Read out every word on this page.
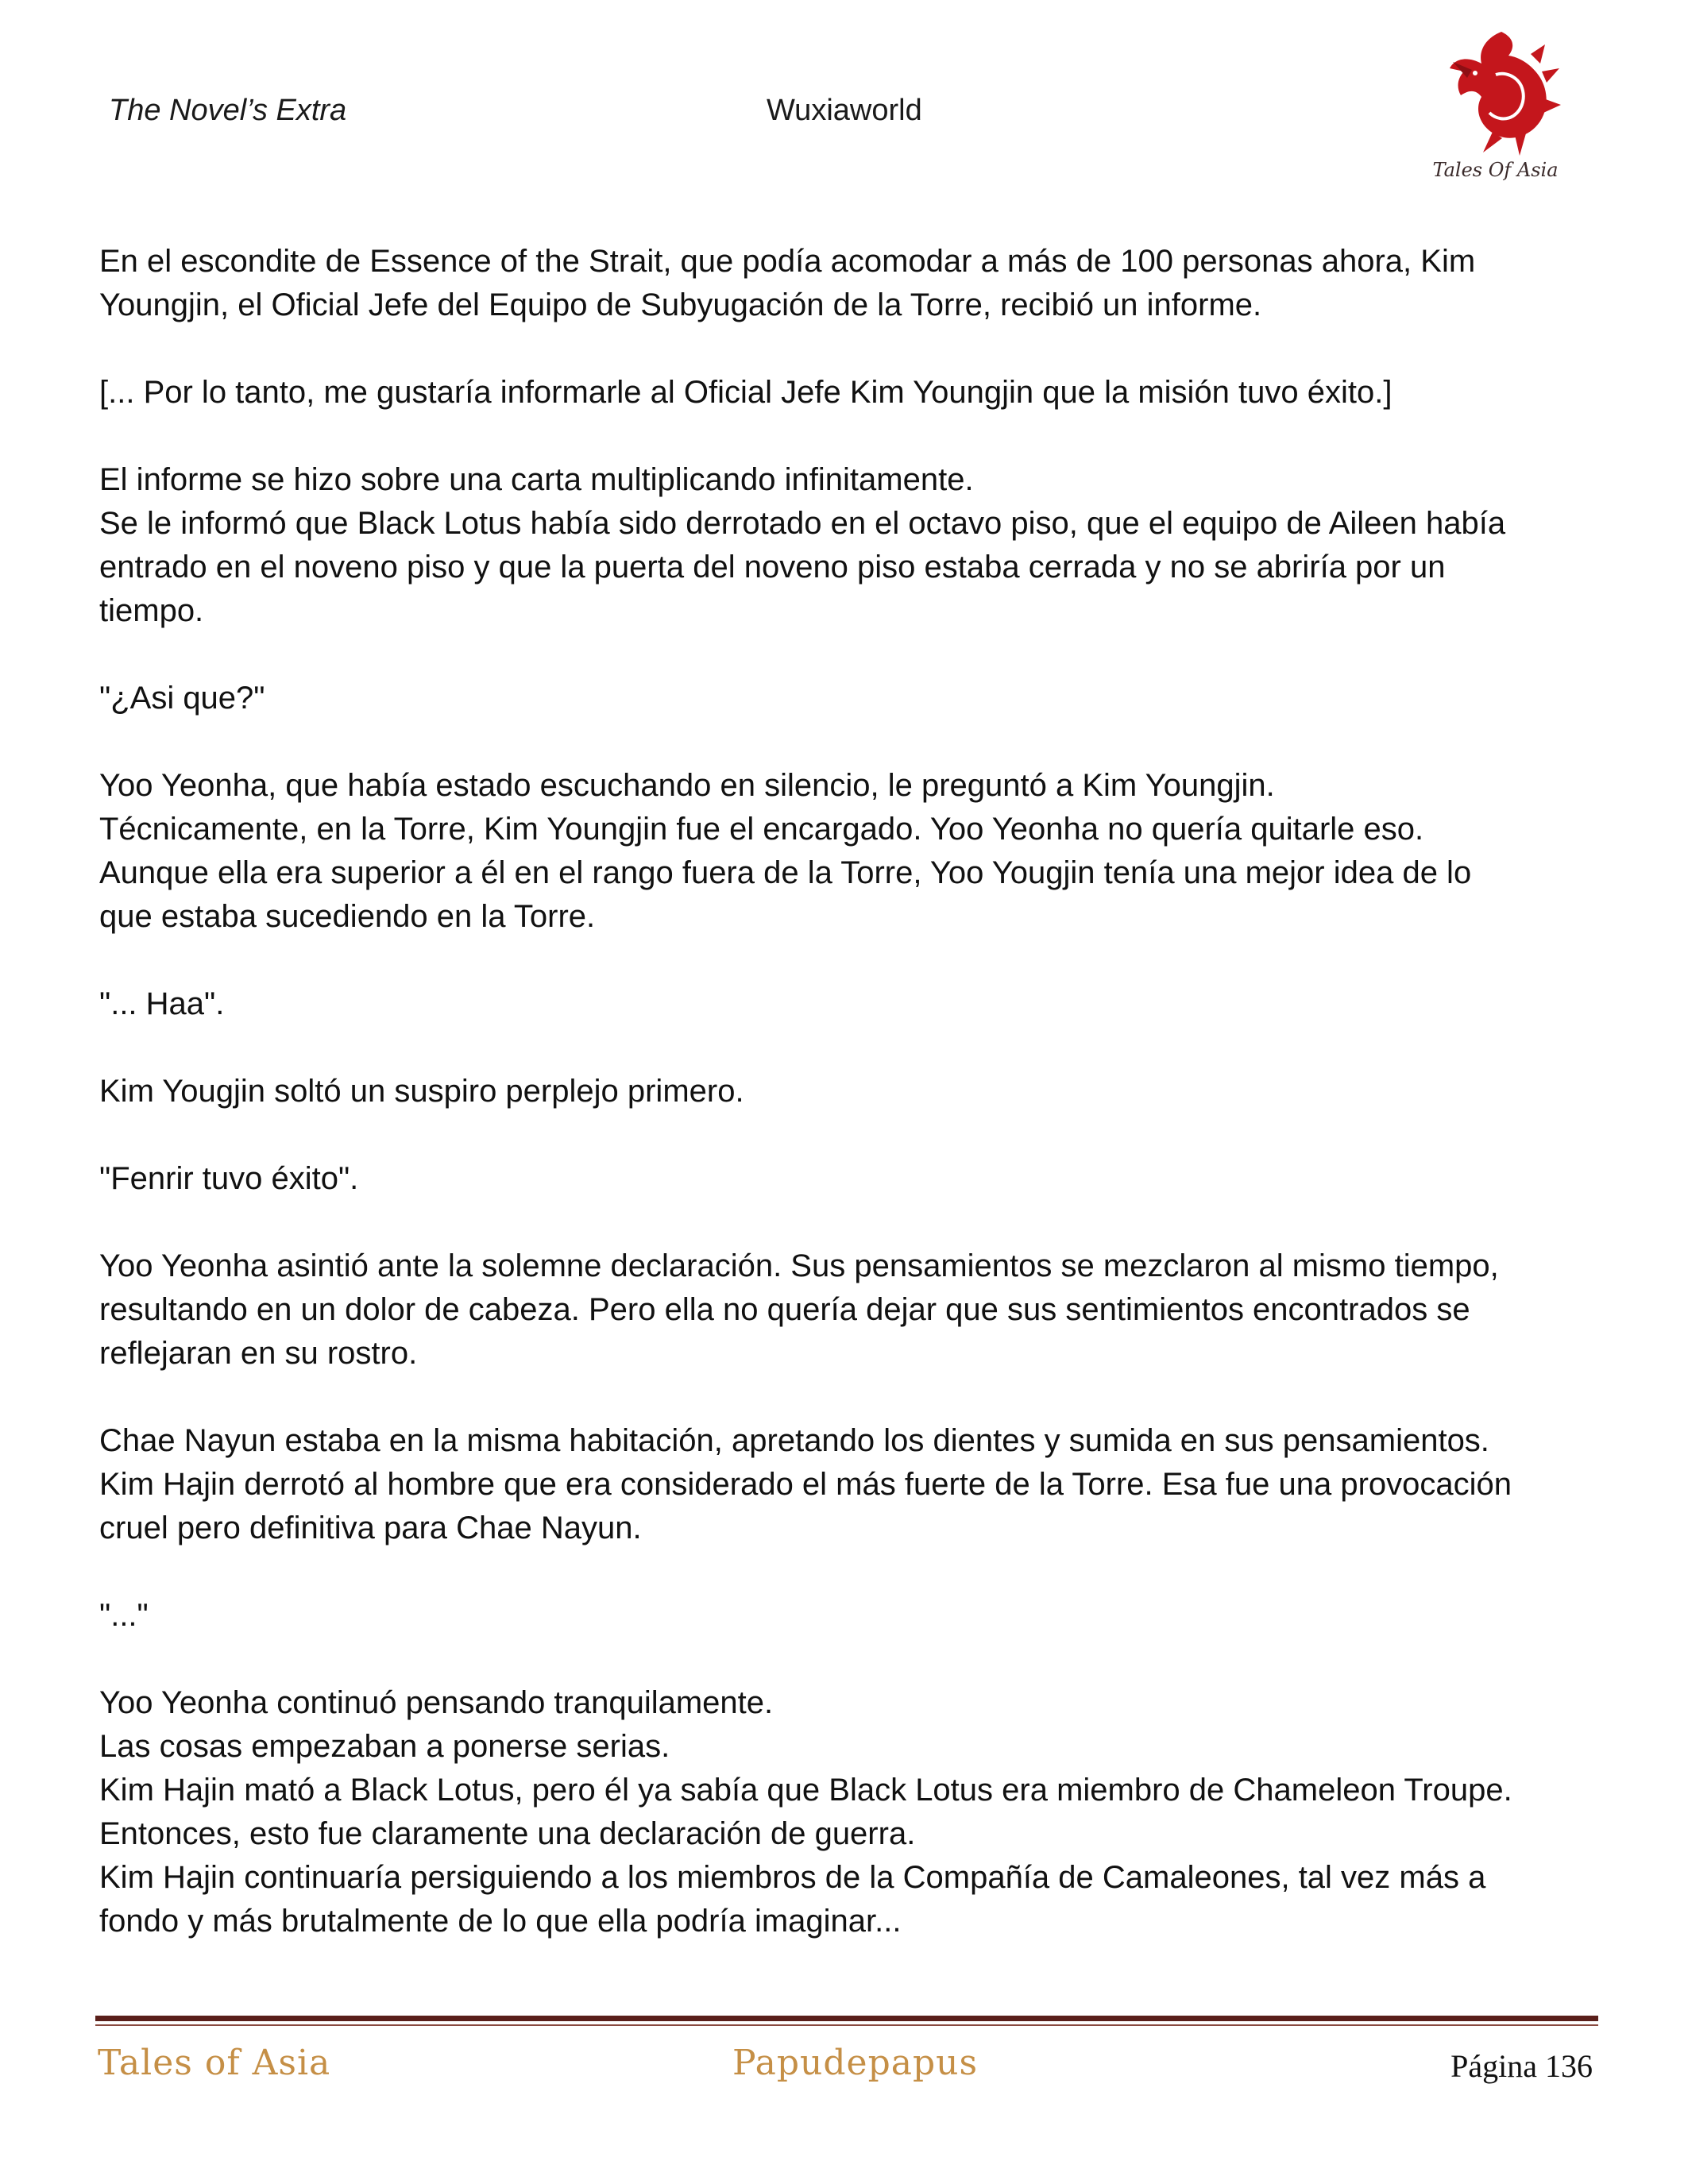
The Novel’s Extra	Wuxiaworld
Tales Of Asia
En el escondite de Essence of the Strait, que podía acomodar a más de 100 personas ahora, Kim
Youngjin, el Oficial Jefe del Equipo de Subyugación de la Torre, recibió un informe.
[... Por lo tanto, me gustaría informarle al Oficial Jefe Kim Youngjin que la misión tuvo éxito.]
El informe se hizo sobre una carta multiplicando infinitamente.
Se le informó que Black Lotus había sido derrotado en el octavo piso, que el equipo de Aileen había
entrado en el noveno piso y que la puerta del noveno piso estaba cerrada y no se abriría por un
tiempo.
"¿Asi que?"
Yoo Yeonha, que había estado escuchando en silencio, le preguntó a Kim Youngjin.
Técnicamente, en la Torre, Kim Youngjin fue el encargado. Yoo Yeonha no quería quitarle eso.
Aunque ella era superior a él en el rango fuera de la Torre, Yoo Yougjin tenía una mejor idea de lo
que estaba sucediendo en la Torre.
"... Haa".
Kim Yougjin soltó un suspiro perplejo primero.
"Fenrir tuvo éxito".
Yoo Yeonha asintió ante la solemne declaración. Sus pensamientos se mezclaron al mismo tiempo,
resultando en un dolor de cabeza. Pero ella no quería dejar que sus sentimientos encontrados se
reflejaran en su rostro.
Chae Nayun estaba en la misma habitación, apretando los dientes y sumida en sus pensamientos.
Kim Hajin derrotó al hombre que era considerado el más fuerte de la Torre. Esa fue una provocación
cruel pero definitiva para Chae Nayun.
"..."
Yoo Yeonha continuó pensando tranquilamente.
Las cosas empezaban a ponerse serias.
Kim Hajin mató a Black Lotus, pero él ya sabía que Black Lotus era miembro de Chameleon Troupe.
Entonces, esto fue claramente una declaración de guerra.
Kim Hajin continuaría persiguiendo a los miembros de la Compañía de Camaleones, tal vez más a
fondo y más brutalmente de lo que ella podría imaginar...
Tales of Asia	Papudepapus	Página 136
